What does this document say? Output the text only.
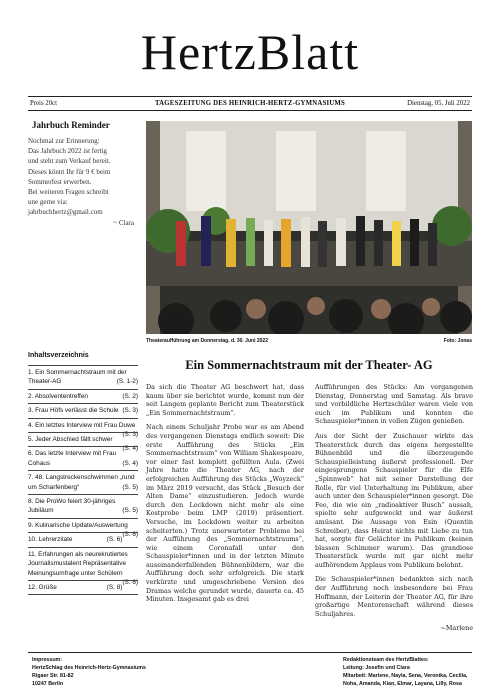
HertzBlatt
Preis 20ct	TAGESZEITUNG DES HEINRICH-HERTZ-GYMNASIUMS	Dienstag, 05. Juli 2022
Jahrbuch Reminder

Nochmal zur Erinnerung:

Das Jahrbuch 2022 ist fertig

und steht zum Verkauf bereit.

Dieses könnt Ihr für 9 € beim

Sommerfest erwerben.

Bei weiteren Fragen schreibt

une gerne via:

jahrbuchhertz@gmail.com

~ Clara

Theateraufführung am Donnerstag, d. 30. Juni 2022	Foto: Jonas
Ein Sommernachtstraum mit der Theater- AG

Da sich die Theater AG beschwert hat, dass kaum über sie berichtet wurde, kommt nun der seit Langem geplante Bericht zum Theaterstück „Ein Sommernachtstraum“.

Nach einem Schuljahr Probe war es am Abend des vergangenen Dienstags endlich soweit: Die erste Aufführung des Stücks „Ein Sommernachtstraum“ von William Shakespeare, vor einer fast komplett gefüllten Aula. (Zwei Jahre hatte die Theater AG, nach der erfolgreichen Aufführung des Stücks „Woyzeck“ im März 2019 versucht, das Stück „Besuch der Alten Dame“ einzustudieren. Jedoch wurde durch den Lockdown nicht mehr als eine Kostprobe beim LMP (2019) präsentiert. Versuche, im Lockdown weiter zu arbeiten scheiterten.) Trotz unerwarteter Probleme bei der Aufführung des „Sommernachtstraums“, wie einem Coronafall unter den Schauspieler*innen und in der letzten Minute auseinanderfallenden Bühnenbildern, war die Aufführung doch sehr erfolgreich. Die stark verkürzte und umgeschriebene Version des Dramas welche gerundet wurde, dauerte ca. 45 Minuten. Insgesamt gab es drei

Aufführungen des Stücks: Am vergangenen Dienstag, Donnerstag und Samstag. Als brave und vorbildliche Hertzschüler waren viele von euch im Publikum und konnten die Schauspieler*innen in vollen Zügen genießen.

Aus der Sicht der Zuschauer wirkte das Theaterstück durch das eigens hergestellte Bühnenbild und die überzeugende Schauspielleistung äußerst professionell. Der eingesprungene Schauspieler für die Elfe „Spinnweb“ hat mit seiner Darstellung der Rolle, für viel Unterhaltung im Publikum, aber auch unter den Schauspieler*innen gesorgt. Die Fee, die wie ein „radioaktiver Busch“ aussah, spielte sehr aufgeweckt und war äußerst amüsant. Die Aussage von Esin (Quentin Schreiber), dass Heirat nichts mit Liebe zu tun hat, sorgte für Gelächter im Publikum (keinen blassen Schimmer warum). Das grandiose Theaterstück wurde mit gar nicht mehr aufhörendem Applaus vom Publikum belohnt.

Die Schauspieler*innen bedankten sich nach der Aufführung noch insbesondere bei Frau Hoffmann, der Leiterin der Theater AG, für ihre großartige Mentorenschaft während dieses Schuljahres.

~Marlene

Inhaltsverzeichnis
1. Ein Sommernachtstraum mit der Theater-AG	(S. 1-2)
2. Absolvententreffen	(S. 2)
3. Frau Höfs verlässt die Schule (S. 3)
4. Ein letztes Interview mit Frau Duwe
(S. 3)
5. Jeder Abschied fällt schwer
(S. 4)
6. Das letzte Interview mit Frau Cohaus	(S. 4)
7. 48. Langstreckenschwimmen „rund um Scharfenberg“	(S. 5)
8. Die ProWo feiert 30-jähriges Jubiläum	(S. 5)
9. Kulinarische Update/Auswertung
(S. 6)
10. Lehrerzitate	(S. 6)
11. Erfahrungen als neurekrutiertes Journalismustalent Repräsentative Meinungsumfrage unter Schülern
(S. 6)
12. Grüße	(S. 8)
Impressum:
HertzSchlag des Heinrich-Hertz-Gymnasiums
Rigaer Str. 81-82
10247 Berlin
Redaktionsteam des HertzBlattes:
Leitung: Josefin und Clara
Mitarbeit: Marlene, Nayla, Sena, Veronika, Cecilia, Noha, Amanda, Kian, Elmar, Layana, Lilly, Rosa
